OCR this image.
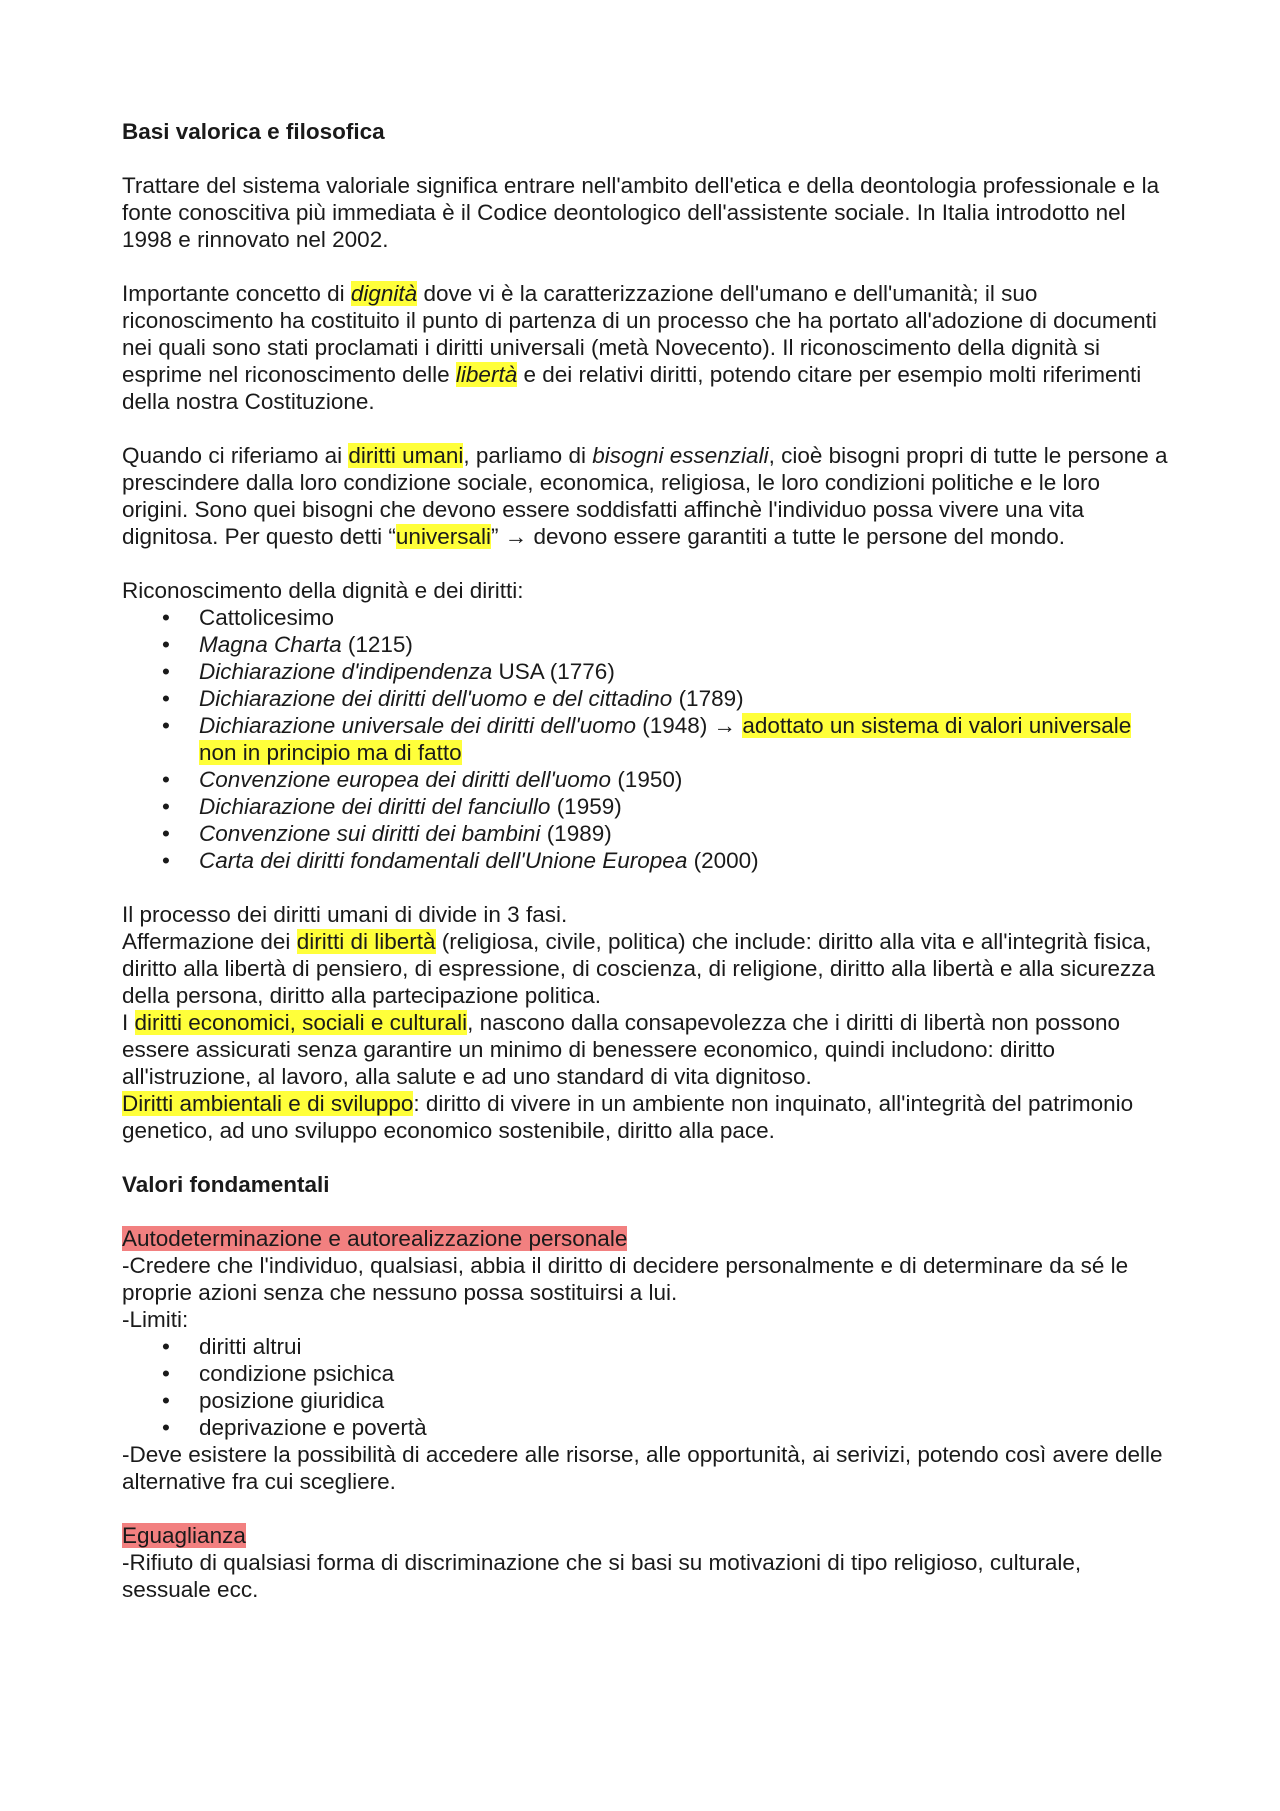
Basi valorica e filosofica

Trattare del sistema valoriale significa entrare nell'ambito dell'etica e della deontologia professionale e la fonte conoscitiva più immediata è il Codice deontologico dell'assistente sociale. In Italia introdotto nel 1998 e rinnovato nel 2002.

Importante concetto di dignità dove vi è la caratterizzazione dell'umano e dell'umanità; il suo riconoscimento ha costituito il punto di partenza di un processo che ha portato all'adozione di documenti nei quali sono stati proclamati i diritti universali (metà Novecento). Il riconoscimento della dignità si esprime nel riconoscimento delle libertà e dei relativi diritti, potendo citare per esempio molti riferimenti della nostra Costituzione.

Quando ci riferiamo ai diritti umani, parliamo di bisogni essenziali, cioè bisogni propri di tutte le persone a prescindere dalla loro condizione sociale, economica, religiosa, le loro condizioni politiche e le loro origini. Sono quei bisogni che devono essere soddisfatti affinchè l'individuo possa vivere una vita dignitosa. Per questo detti “universali” → devono essere garantiti a tutte le persone del mondo.

Riconoscimento della dignità e dei diritti:

• Cattolicesimo
• Magna Charta (1215)
• Dichiarazione d'indipendenza USA (1776)
• Dichiarazione dei diritti dell'uomo e del cittadino (1789)
• Dichiarazione universale dei diritti dell'uomo (1948) → adottato un sistema di valori universale non in principio ma di fatto
• Convenzione europea dei diritti dell'uomo (1950)
• Dichiarazione dei diritti del fanciullo (1959)
• Convenzione sui diritti dei bambini (1989)
• Carta dei diritti fondamentali dell'Unione Europea (2000)

Il processo dei diritti umani di divide in 3 fasi.

Affermazione dei diritti di libertà (religiosa, civile, politica) che include: diritto alla vita e all'integrità fisica, diritto alla libertà di pensiero, di espressione, di coscienza, di religione, diritto alla libertà e alla sicurezza della persona, diritto alla partecipazione politica.

I diritti economici, sociali e culturali, nascono dalla consapevolezza che i diritti di libertà non possono essere assicurati senza garantire un minimo di benessere economico, quindi includono: diritto all'istruzione, al lavoro, alla salute e ad uno standard di vita dignitoso.

Diritti ambientali e di sviluppo: diritto di vivere in un ambiente non inquinato, all'integrità del patrimonio genetico, ad uno sviluppo economico sostenibile, diritto alla pace.

Valori fondamentali

Autodeterminazione e autorealizzazione personale

-Credere che l'individuo, qualsiasi, abbia il diritto di decidere personalmente e di determinare da sé le proprie azioni senza che nessuno possa sostituirsi a lui.

-Limiti:

• diritti altrui
• condizione psichica
• posizione giuridica
• deprivazione e povertà

-Deve esistere la possibilità di accedere alle risorse, alle opportunità, ai serivizi, potendo così avere delle alternative fra cui scegliere.

Eguaglianza

-Rifiuto di qualsiasi forma di discriminazione che si basi su motivazioni di tipo religioso, culturale, sessuale ecc.
